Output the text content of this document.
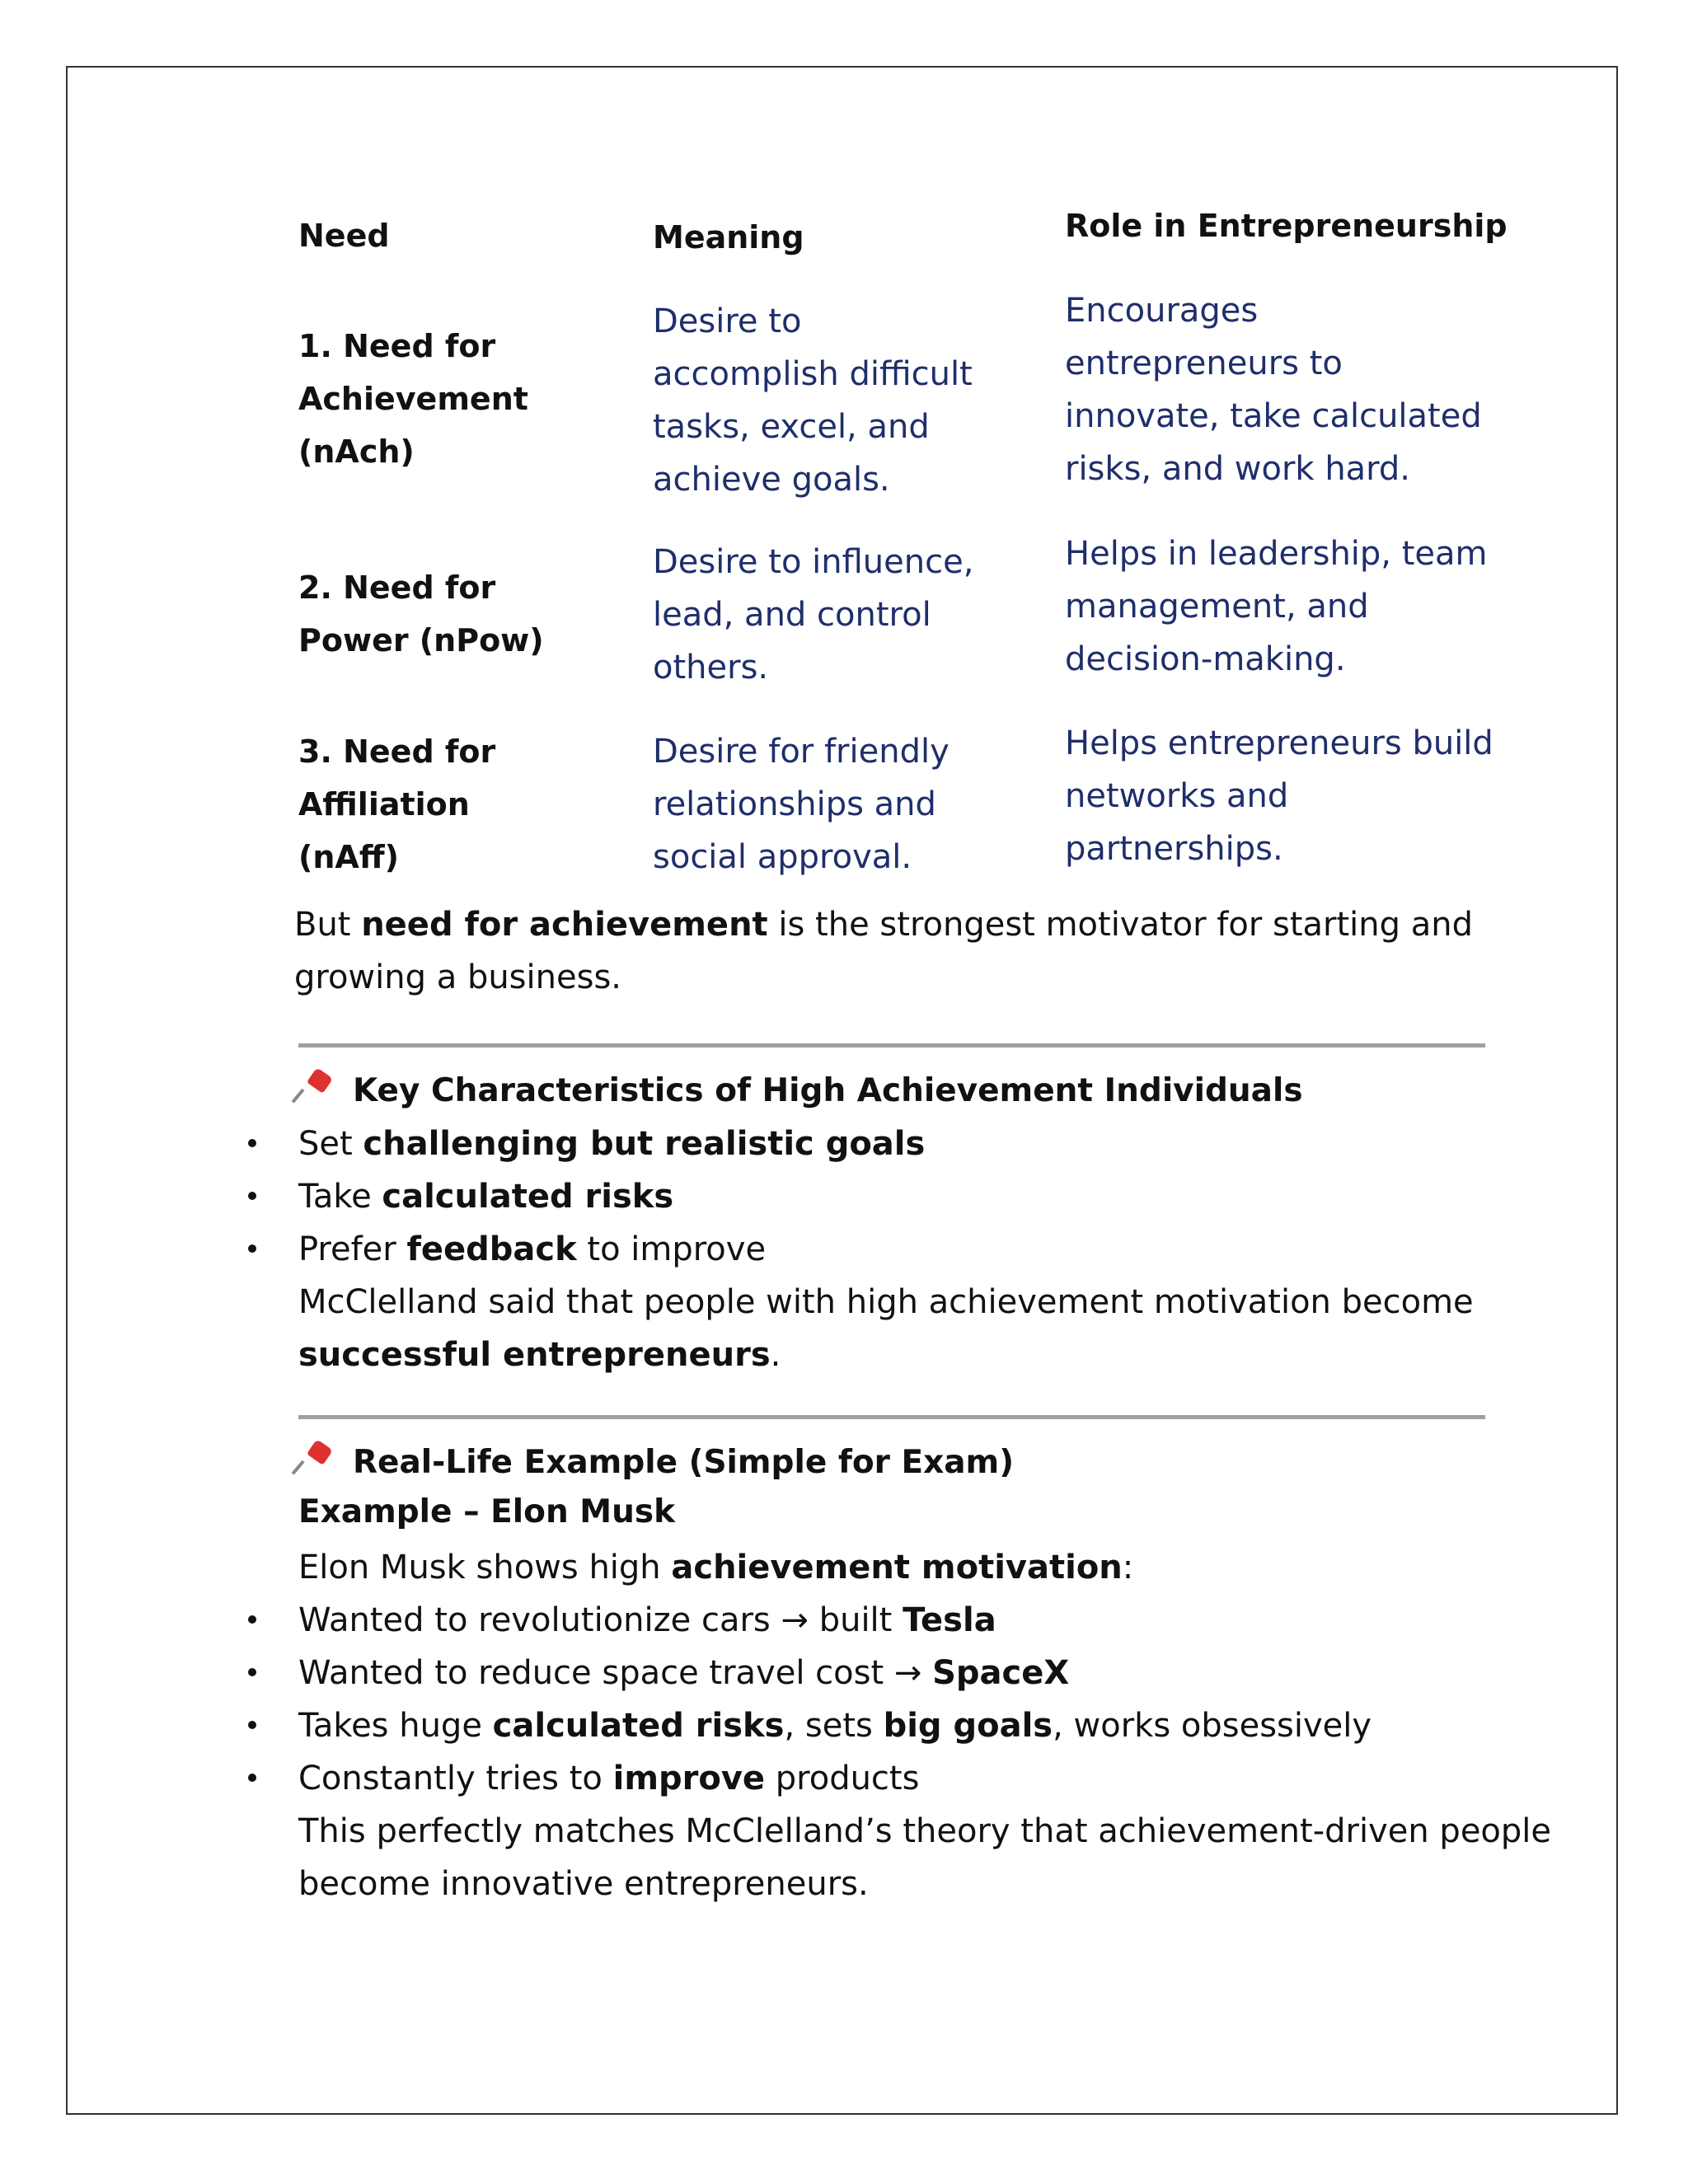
Need	Meaning	Role in Entrepreneurship
1. Need for
Achievement
(nAch)
Desire to
accomplish difficult
tasks, excel, and
achieve goals.
Encourages
entrepreneurs to
innovate, take calculated
risks, and work hard.
2. Need for
Power (nPow)
Desire to influence,
lead, and control
others.
Helps in leadership, team
management, and
decision-making.
3. Need for
Affiliation
(nAff)
Desire for friendly
relationships and
social approval.
Helps entrepreneurs build
networks and
partnerships.
But need for achievement is the strongest motivator for starting and
growing a business.
Key Characteristics of High Achievement Individuals
Set challenging but realistic goals
Take calculated risks
Prefer feedback to improve
McClelland said that people with high achievement motivation become
successful entrepreneurs.
Real-Life Example (Simple for Exam)
Example – Elon Musk
Elon Musk shows high achievement motivation:
Wanted to revolutionize cars → built Tesla
Wanted to reduce space travel cost → SpaceX
Takes huge calculated risks, sets big goals, works obsessively
Constantly tries to improve products
This perfectly matches McClelland’s theory that achievement-driven people
become innovative entrepreneurs.
